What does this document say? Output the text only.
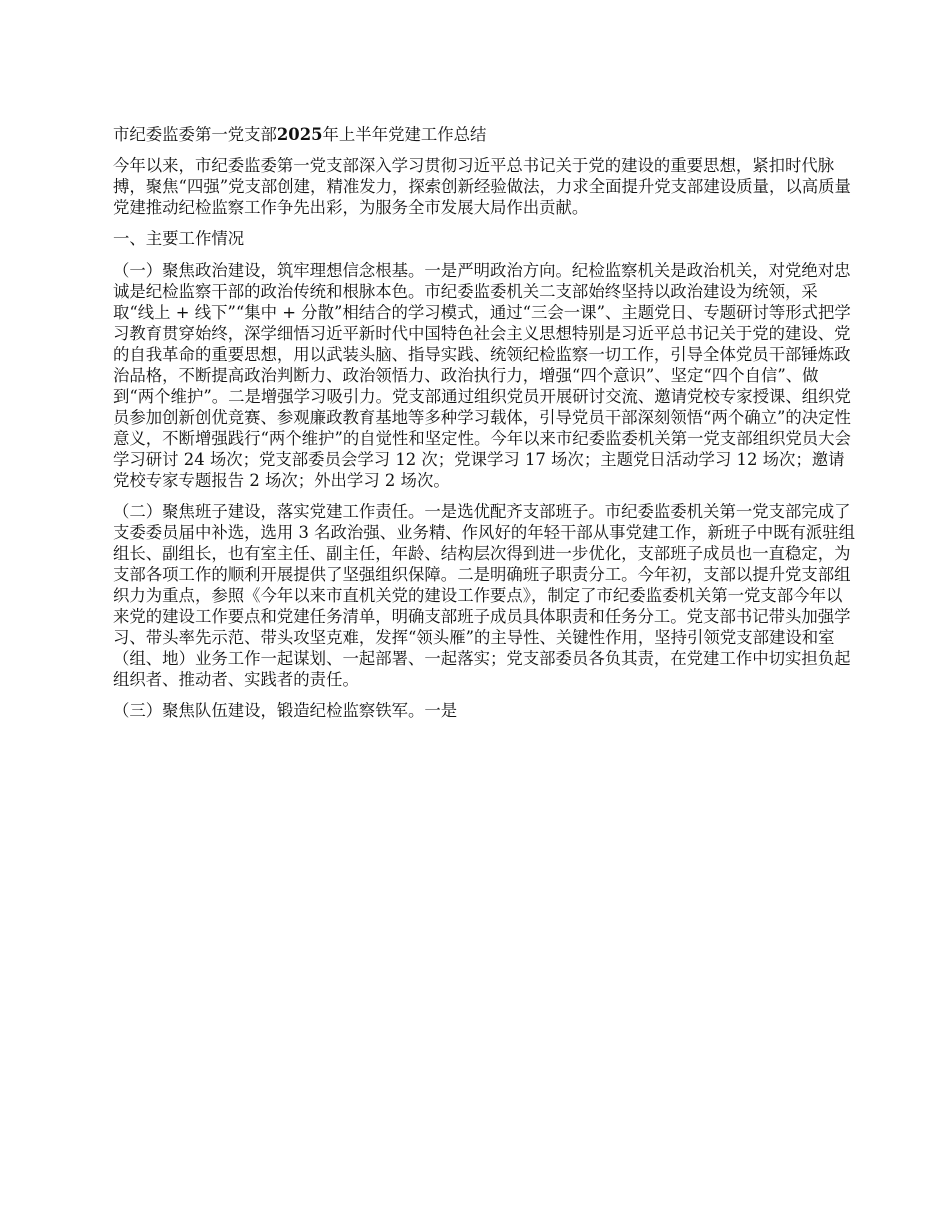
市纪委监委第一党支部2025年上半年党建工作总结

今年以来，市纪委监委第一党支部深入学习贯彻习近平总书记关于党的建设的重要思想，紧扣时代脉搏，聚焦“四强”党支部创建，精准发力，探索创新经验做法，力求全面提升党支部建设质量，以高质量党建推动纪检监察工作争先出彩，为服务全市发展大局作出贡献。

一、主要工作情况

（一）聚焦政治建设，筑牢理想信念根基。一是严明政治方向。纪检监察机关是政治机关，对党绝对忠诚是纪检监察干部的政治传统和根脉本色。市纪委监委机关二支部始终坚持以政治建设为统领，采取“线上 + 线下”“集中 + 分散”相结合的学习模式，通过“三会一课”、主题党日、专题研讨等形式把学习教育贯穿始终，深学细悟习近平新时代中国特色社会主义思想特别是习近平总书记关于党的建设、党的自我革命的重要思想，用以武装头脑、指导实践、统领纪检监察一切工作，引导全体党员干部锤炼政治品格，不断提高政治判断力、政治领悟力、政治执行力，增强“四个意识”、坚定“四个自信”、做到“两个维护”。二是增强学习吸引力。党支部通过组织党员开展研讨交流、邀请党校专家授课、组织党员参加创新创优竞赛、参观廉政教育基地等多种学习载体，引导党员干部深刻领悟“两个确立”的决定性意义，不断增强践行“两个维护”的自觉性和坚定性。今年以来市纪委监委机关第一党支部组织党员大会学习研讨 24 场次；党支部委员会学习 12 次；党课学习 17 场次；主题党日活动学习 12 场次；邀请党校专家专题报告 2 场次；外出学习 2 场次。

（二）聚焦班子建设，落实党建工作责任。一是选优配齐支部班子。市纪委监委机关第一党支部完成了支委委员届中补选，选用 3 名政治强、业务精、作风好的年轻干部从事党建工作，新班子中既有派驻组组长、副组长，也有室主任、副主任，年龄、结构层次得到进一步优化，支部班子成员也一直稳定，为支部各项工作的顺利开展提供了坚强组织保障。二是明确班子职责分工。今年初，支部以提升党支部组织力为重点，参照《今年以来市直机关党的建设工作要点》，制定了市纪委监委机关第一党支部今年以来党的建设工作要点和党建任务清单，明确支部班子成员具体职责和任务分工。党支部书记带头加强学习、带头率先示范、带头攻坚克难，发挥“领头雁”的主导性、关键性作用，坚持引领党支部建设和室（组、地）业务工作一起谋划、一起部署、一起落实；党支部委员各负其责，在党建工作中切实担负起组织者、推动者、实践者的责任。

（三）聚焦队伍建设，锻造纪检监察铁军。一是
